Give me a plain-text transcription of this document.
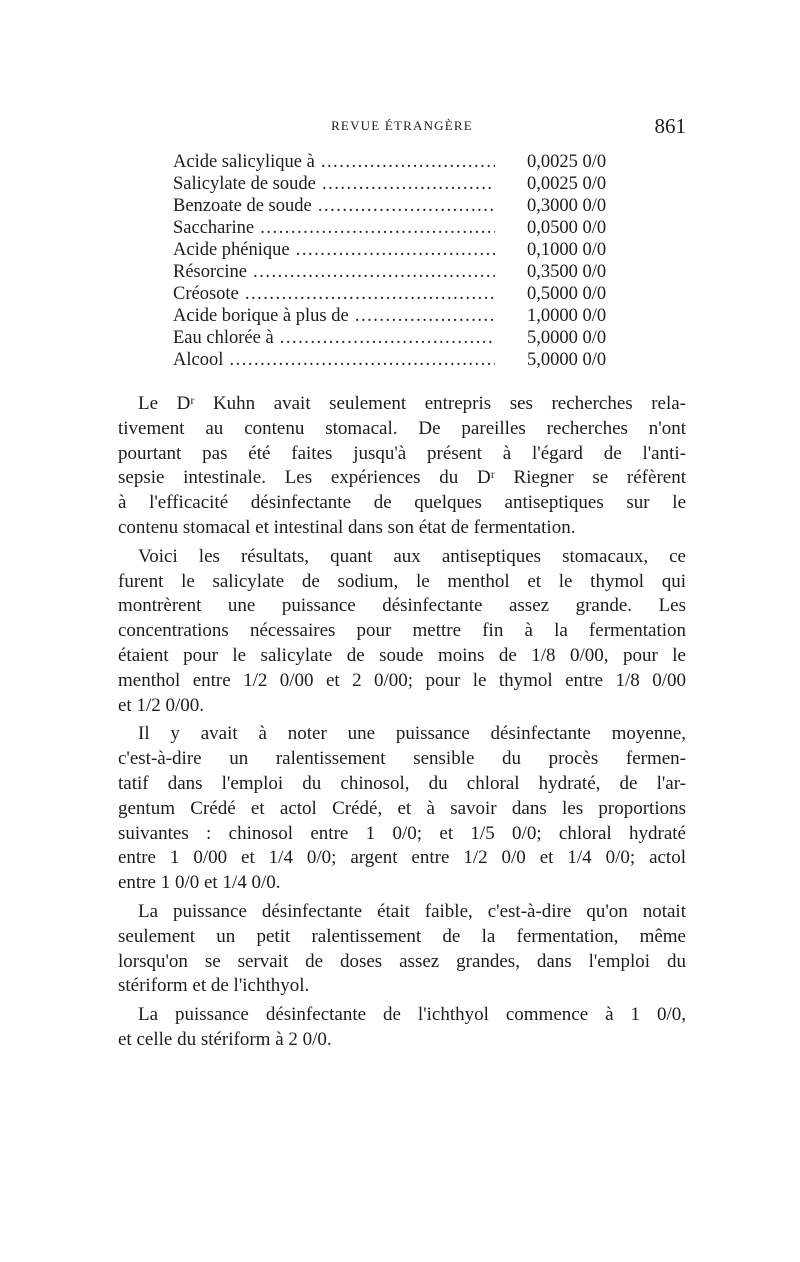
REVUE ÉTRANGÈRE	861
Acide salicylique à .....	0,0025 0/0
Salicylate de soude .....	0,0025 0/0
Benzoate de soude .....	0,3000 0/0
Saccharine .....	0,0500 0/0
Acide phénique .....	0,1000 0/0
Résorcine .....	0,3500 0/0
Créosote .....	0,5000 0/0
Acide borique à plus de .....	1,0000 0/0
Eau chlorée à .....	5,0000 0/0
Alcool .....	5,0000 0/0
Le Dʳ Kuhn avait seulement entrepris ses recherches rela-
tivement au contenu stomacal. De pareilles recherches n'ont
pourtant pas été faites jusqu'à présent à l'égard de l'anti-
sepsie intestinale. Les expériences du Dʳ Riegner se réfèrent
à l'efficacité désinfectante de quelques antiseptiques sur le
contenu stomacal et intestinal dans son état de fermentation.
Voici les résultats, quant aux antiseptiques stomacaux, ce
furent le salicylate de sodium, le menthol et le thymol qui
montrèrent une puissance désinfectante assez grande. Les
concentrations nécessaires pour mettre fin à la fermentation
étaient pour le salicylate de soude moins de 1/8 0/00, pour le
menthol entre 1/2 0/00 et 2 0/00; pour le thymol entre 1/8 0/00
et 1/2 0/00.
Il y avait à noter une puissance désinfectante moyenne,
c'est-à-dire un ralentissement sensible du procès fermen-
tatif dans l'emploi du chinosol, du chloral hydraté, de l'ar-
gentum Crédé et actol Crédé, et à savoir dans les proportions
suivantes : chinosol entre 1 0/0; et 1/5 0/0; chloral hydraté
entre 1 0/00 et 1/4 0/0; argent entre 1/2 0/0 et 1/4 0/0; actol
entre 1 0/0 et 1/4 0/0.
La puissance désinfectante était faible, c'est-à-dire qu'on notait
seulement un petit ralentissement de la fermentation, même
lorsqu'on se servait de doses assez grandes, dans l'emploi du
stériform et de l'ichthyol.
La puissance désinfectante de l'ichthyol commence à 1 0/0,
et celle du stériform à 2 0/0.
